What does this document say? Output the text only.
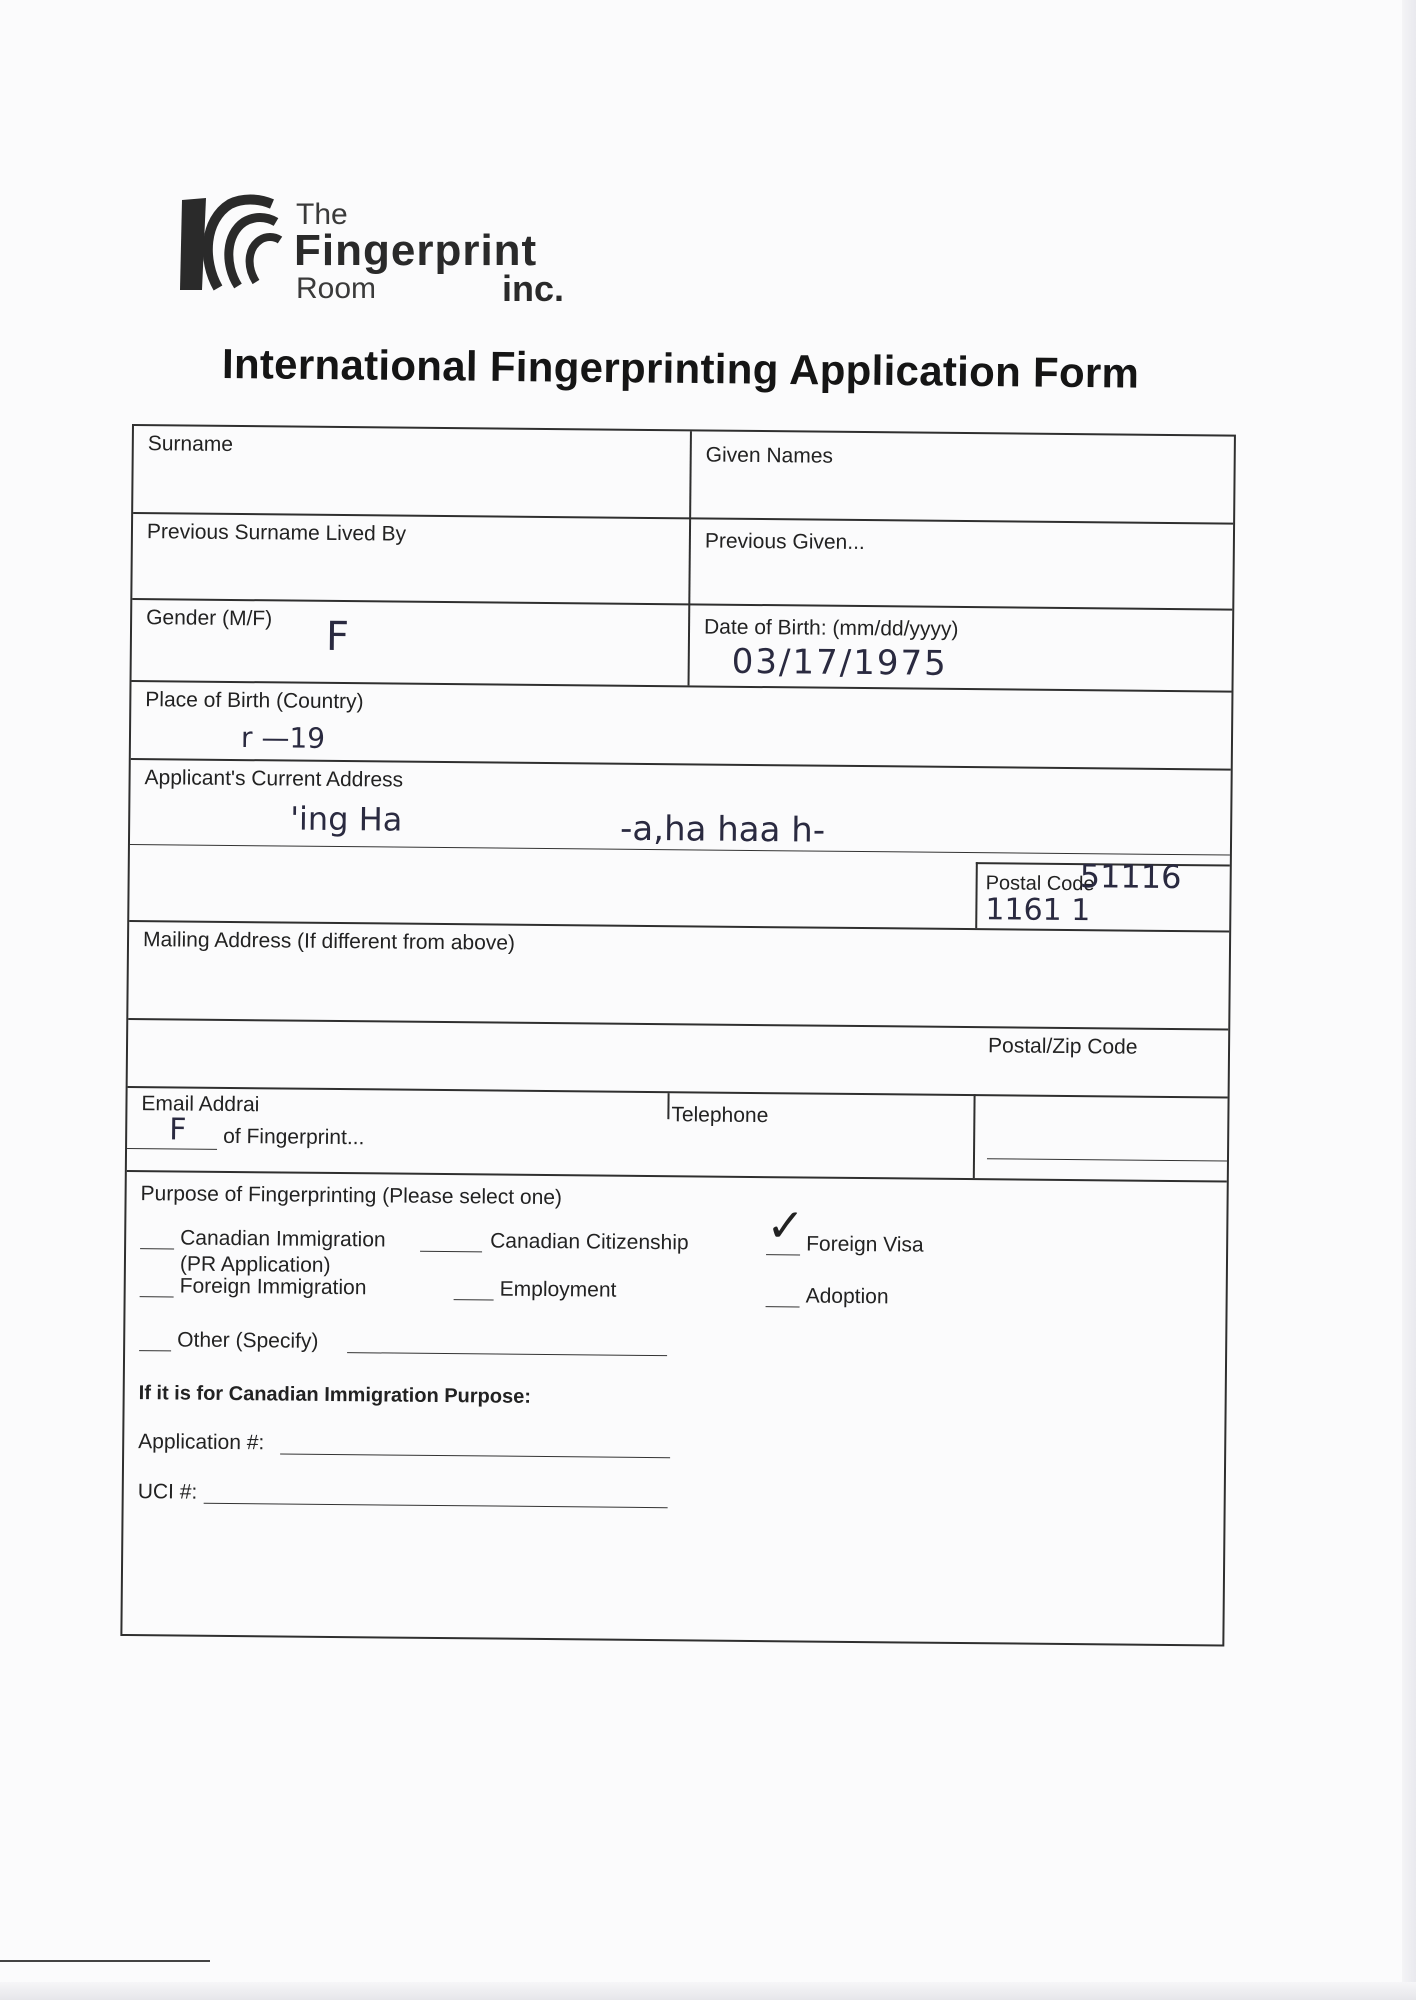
The
Fingerprint
Room	inc.
International Fingerprinting Application Form
Surname	Given Names
Previous Surname Lived By	Previous Given...
Gender (M/F) F	Date of Birth: (mm/dd/yyyy)
03/17/1975
Place of Birth (Country)
r —19
Applicant's Current Address
'ing Ha	-a,ha haa h-
Postal Code
51116
1161 1
Mailing Address (If different from above)
Postal/Zip Code
Email Addrai	Telephone
F of Fingerprint...
Purpose of Fingerprinting (Please select one)
Canadian Immigration
(PR Application)
Canadian Citizenship ✓ Foreign Visa
Foreign Immigration	Employment	Adoption
Other (Specify)
If it is for Canadian Immigration Purpose:
Application #:
UCI #:
